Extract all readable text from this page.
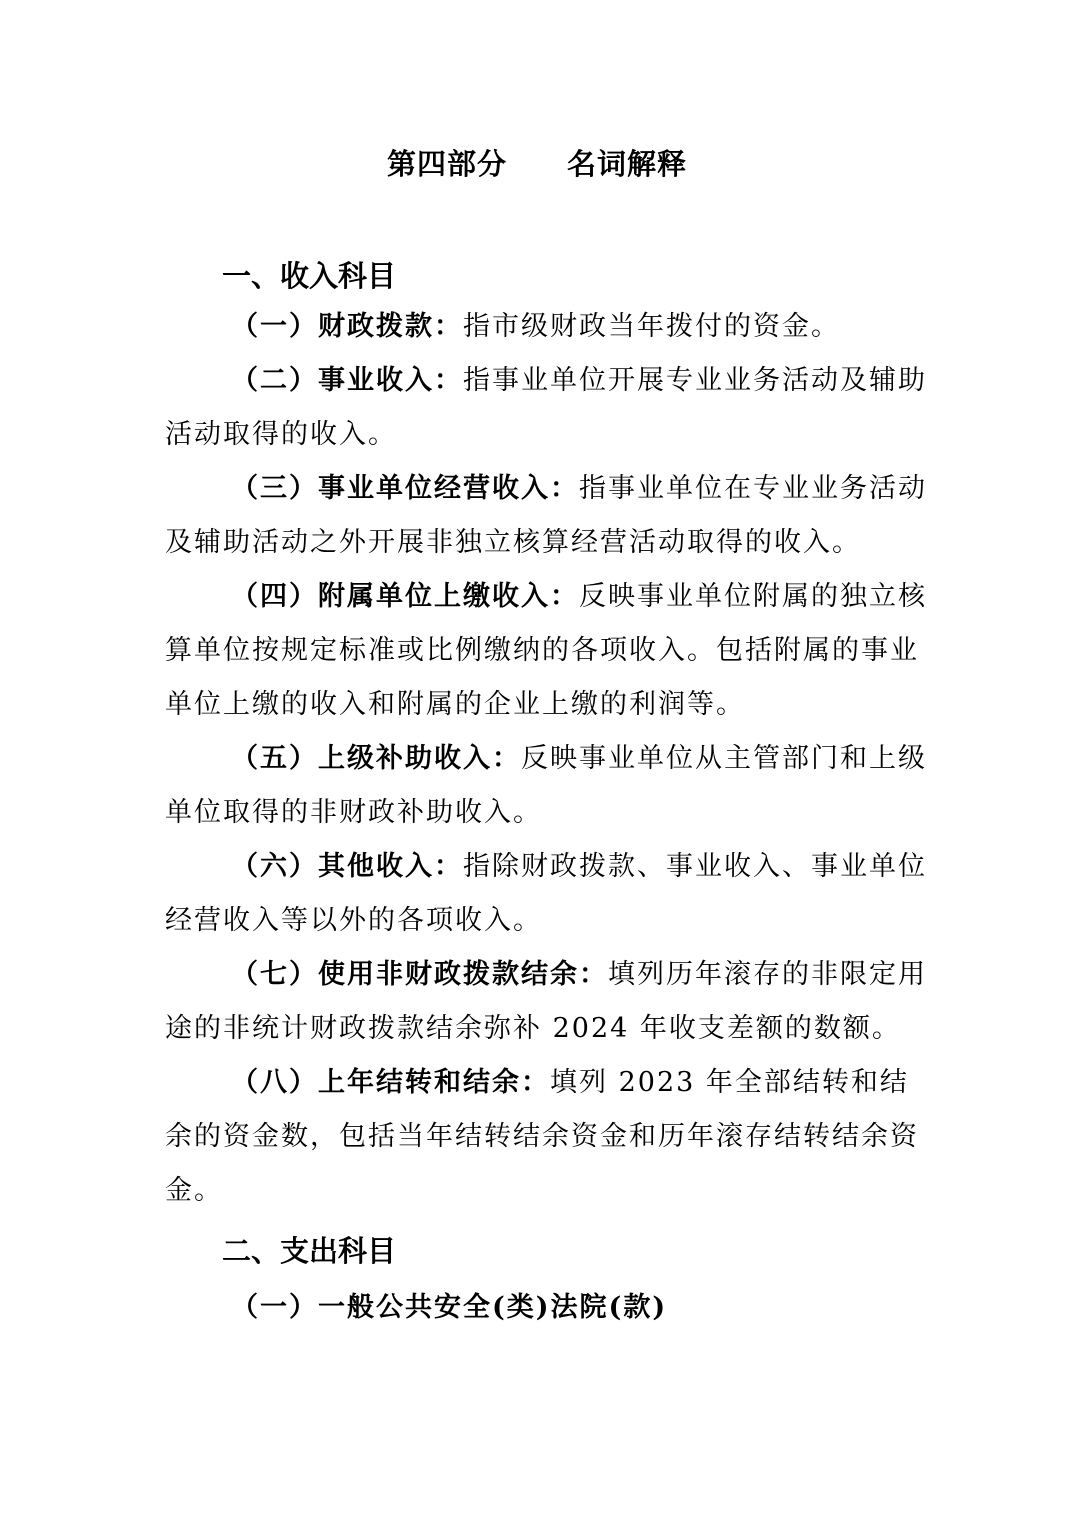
第四部分　　名词解释
一、收入科目
（一）财政拨款：指市级财政当年拨付的资金。
（二）事业收入：指事业单位开展专业业务活动及辅助活动取得的收入。
（三）事业单位经营收入：指事业单位在专业业务活动及辅助活动之外开展非独立核算经营活动取得的收入。
（四）附属单位上缴收入：反映事业单位附属的独立核算单位按规定标准或比例缴纳的各项收入。包括附属的事业单位上缴的收入和附属的企业上缴的利润等。
（五）上级补助收入：反映事业单位从主管部门和上级单位取得的非财政补助收入。
（六）其他收入：指除财政拨款、事业收入、事业单位经营收入等以外的各项收入。
（七）使用非财政拨款结余：填列历年滚存的非限定用途的非统计财政拨款结余弥补 2024 年收支差额的数额。
（八）上年结转和结余：填列 2023 年全部结转和结余的资金数，包括当年结转结余资金和历年滚存结转结余资金。
二、支出科目
（一）一般公共安全(类)法院(款)
